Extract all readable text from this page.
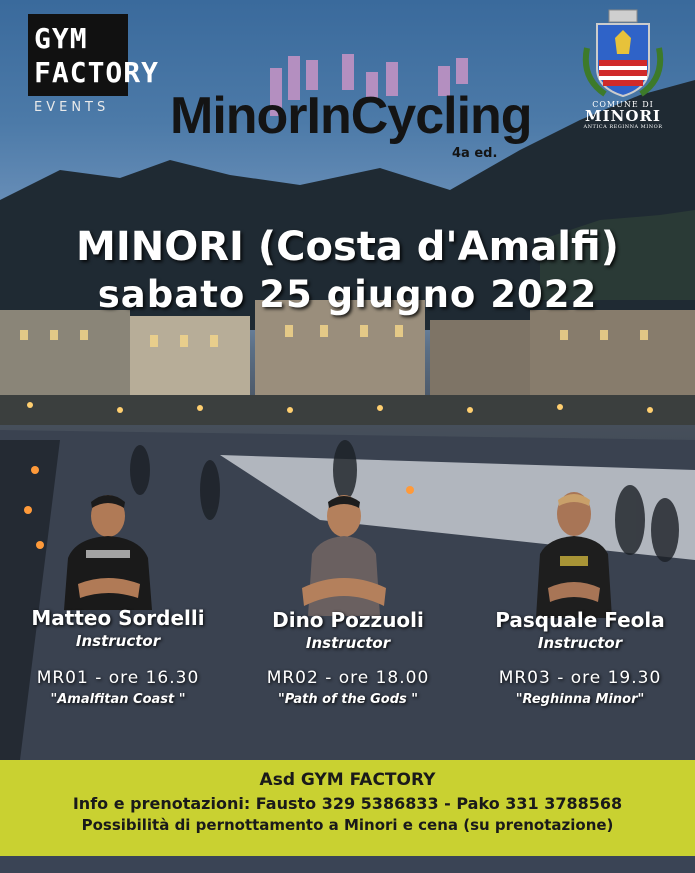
GYM FACTORY
EVENTS	MinorInCycling
4a ed.
COMUNE DI
MINORI
ANTICA REGINNA MINOR
MINORI (Costa d'Amalfi)
sabato 25 giugno 2022
Matteo Sordelli
Instructor
MR01 - ore 16.30
"Amalfitan Coast "
Dino Pozzuoli
Instructor
MR02 - ore 18.00
"Path of the Gods "
Pasquale Feola
Instructor
MR03 - ore 19.30
"Reghinna Minor"
Asd GYM FACTORY
Info e prenotazioni: Fausto 329 5386833 - Pako 331 3788568
Possibilità di pernottamento a Minori e cena (su prenotazione)
